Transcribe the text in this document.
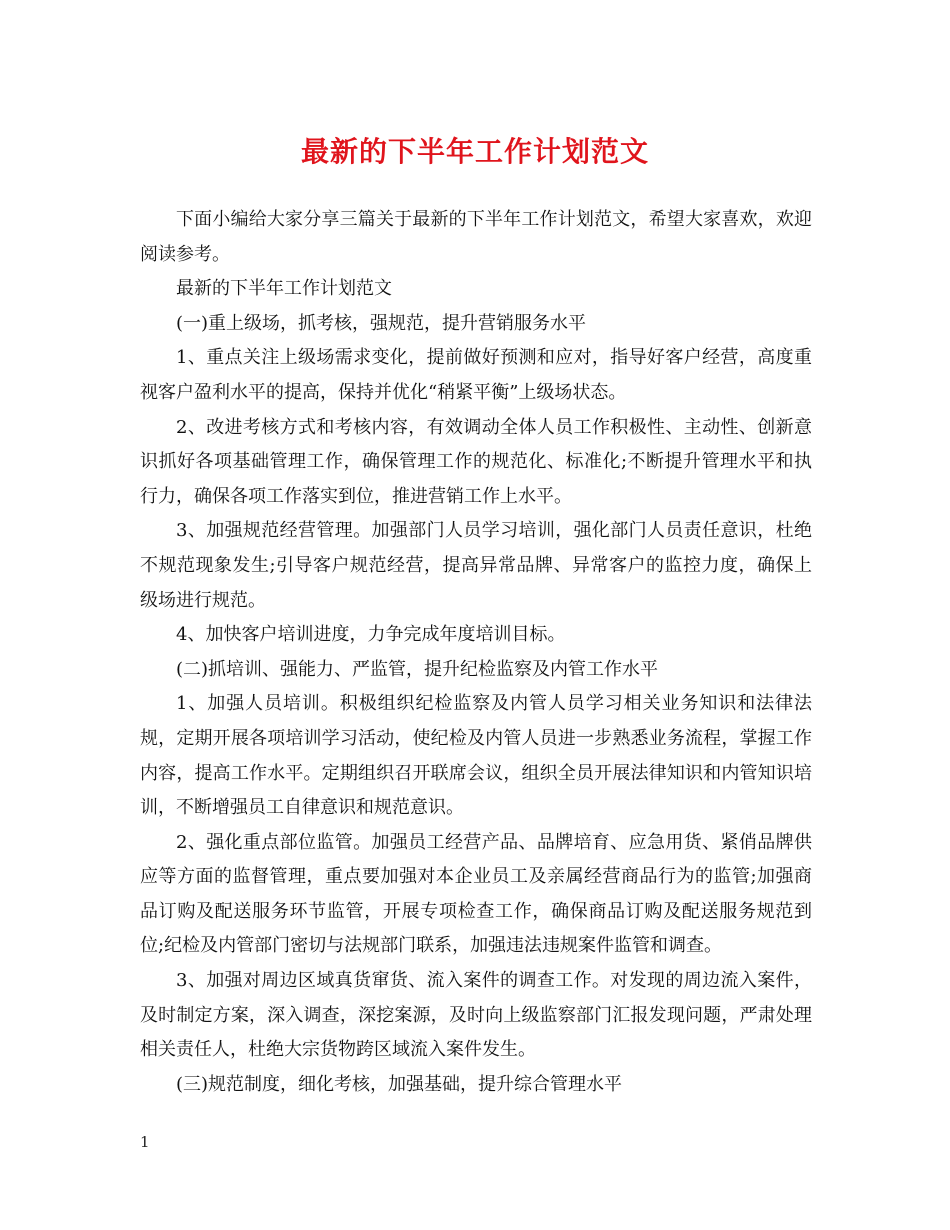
最新的下半年工作计划范文

下面小编给大家分享三篇关于最新的下半年工作计划范文，希望大家喜欢，欢迎阅读参考。

最新的下半年工作计划范文

(一)重上级场，抓考核，强规范，提升营销服务水平

1、重点关注上级场需求变化，提前做好预测和应对，指导好客户经营，高度重视客户盈利水平的提高，保持并优化“稍紧平衡”上级场状态。

2、改进考核方式和考核内容，有效调动全体人员工作积极性、主动性、创新意识抓好各项基础管理工作，确保管理工作的规范化、标准化;不断提升管理水平和执行力，确保各项工作落实到位，推进营销工作上水平。

3、加强规范经营管理。加强部门人员学习培训，强化部门人员责任意识，杜绝不规范现象发生;引导客户规范经营，提高异常品牌、异常客户的监控力度，确保上级场进行规范。

4、加快客户培训进度，力争完成年度培训目标。

(二)抓培训、强能力、严监管，提升纪检监察及内管工作水平

1、加强人员培训。积极组织纪检监察及内管人员学习相关业务知识和法律法规，定期开展各项培训学习活动，使纪检及内管人员进一步熟悉业务流程，掌握工作内容，提高工作水平。定期组织召开联席会议，组织全员开展法律知识和内管知识培训，不断增强员工自律意识和规范意识。

2、强化重点部位监管。加强员工经营产品、品牌培育、应急用货、紧俏品牌供应等方面的监督管理，重点要加强对本企业员工及亲属经营商品行为的监管;加强商品订购及配送服务环节监管，开展专项检查工作，确保商品订购及配送服务规范到位;纪检及内管部门密切与法规部门联系，加强违法违规案件监管和调查。

3、加强对周边区域真货窜货、流入案件的调查工作。对发现的周边流入案件，及时制定方案，深入调查，深挖案源，及时向上级监察部门汇报发现问题，严肃处理相关责任人，杜绝大宗货物跨区域流入案件发生。

(三)规范制度，细化考核，加强基础，提升综合管理水平

1
